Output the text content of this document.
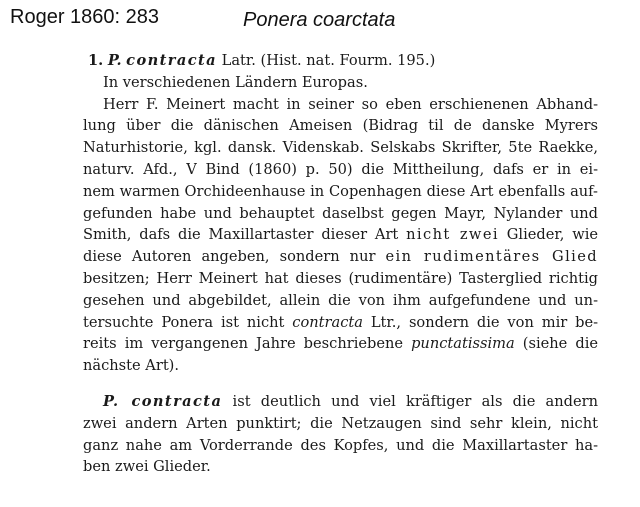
Roger 1860: 283	Ponera coarctata
1. P. contracta Latr. (Hist. nat. Fourm. 195.)
In verschiedenen Ländern Europas.
Herr F. Meinert macht in seiner so eben erschienenen Abhand-
lung über die dänischen Ameisen (Bidrag til de danske Myrers
Naturhistorie, kgl. dansk. Videnskab. Selskabs Skrifter, 5te Raekke,
naturv. Afd., V Bind (1860) p. 50) die Mittheilung, dafs er in ei-
nem warmen Orchideenhause in Copenhagen diese Art ebenfalls auf-
gefunden habe und behauptet daselbst gegen Mayr, Nylander und
Smith, dafs die Maxillartaster dieser Art nicht zwei Glieder, wie
diese Autoren angeben, sondern nur ein rudimentäres Glied
besitzen; Herr Meinert hat dieses (rudimentäre) Tasterglied richtig
gesehen und abgebildet, allein die von ihm aufgefundene und un-
tersuchte Ponera ist nicht contracta Ltr., sondern die von mir be-
reits im vergangenen Jahre beschriebene punctatissima (siehe die
nächste Art).
P. contracta ist deutlich und viel kräftiger als die andern
zwei andern Arten punktirt; die Netzaugen sind sehr klein, nicht
ganz nahe am Vorderrande des Kopfes, und die Maxillartaster ha-
ben zwei Glieder.
